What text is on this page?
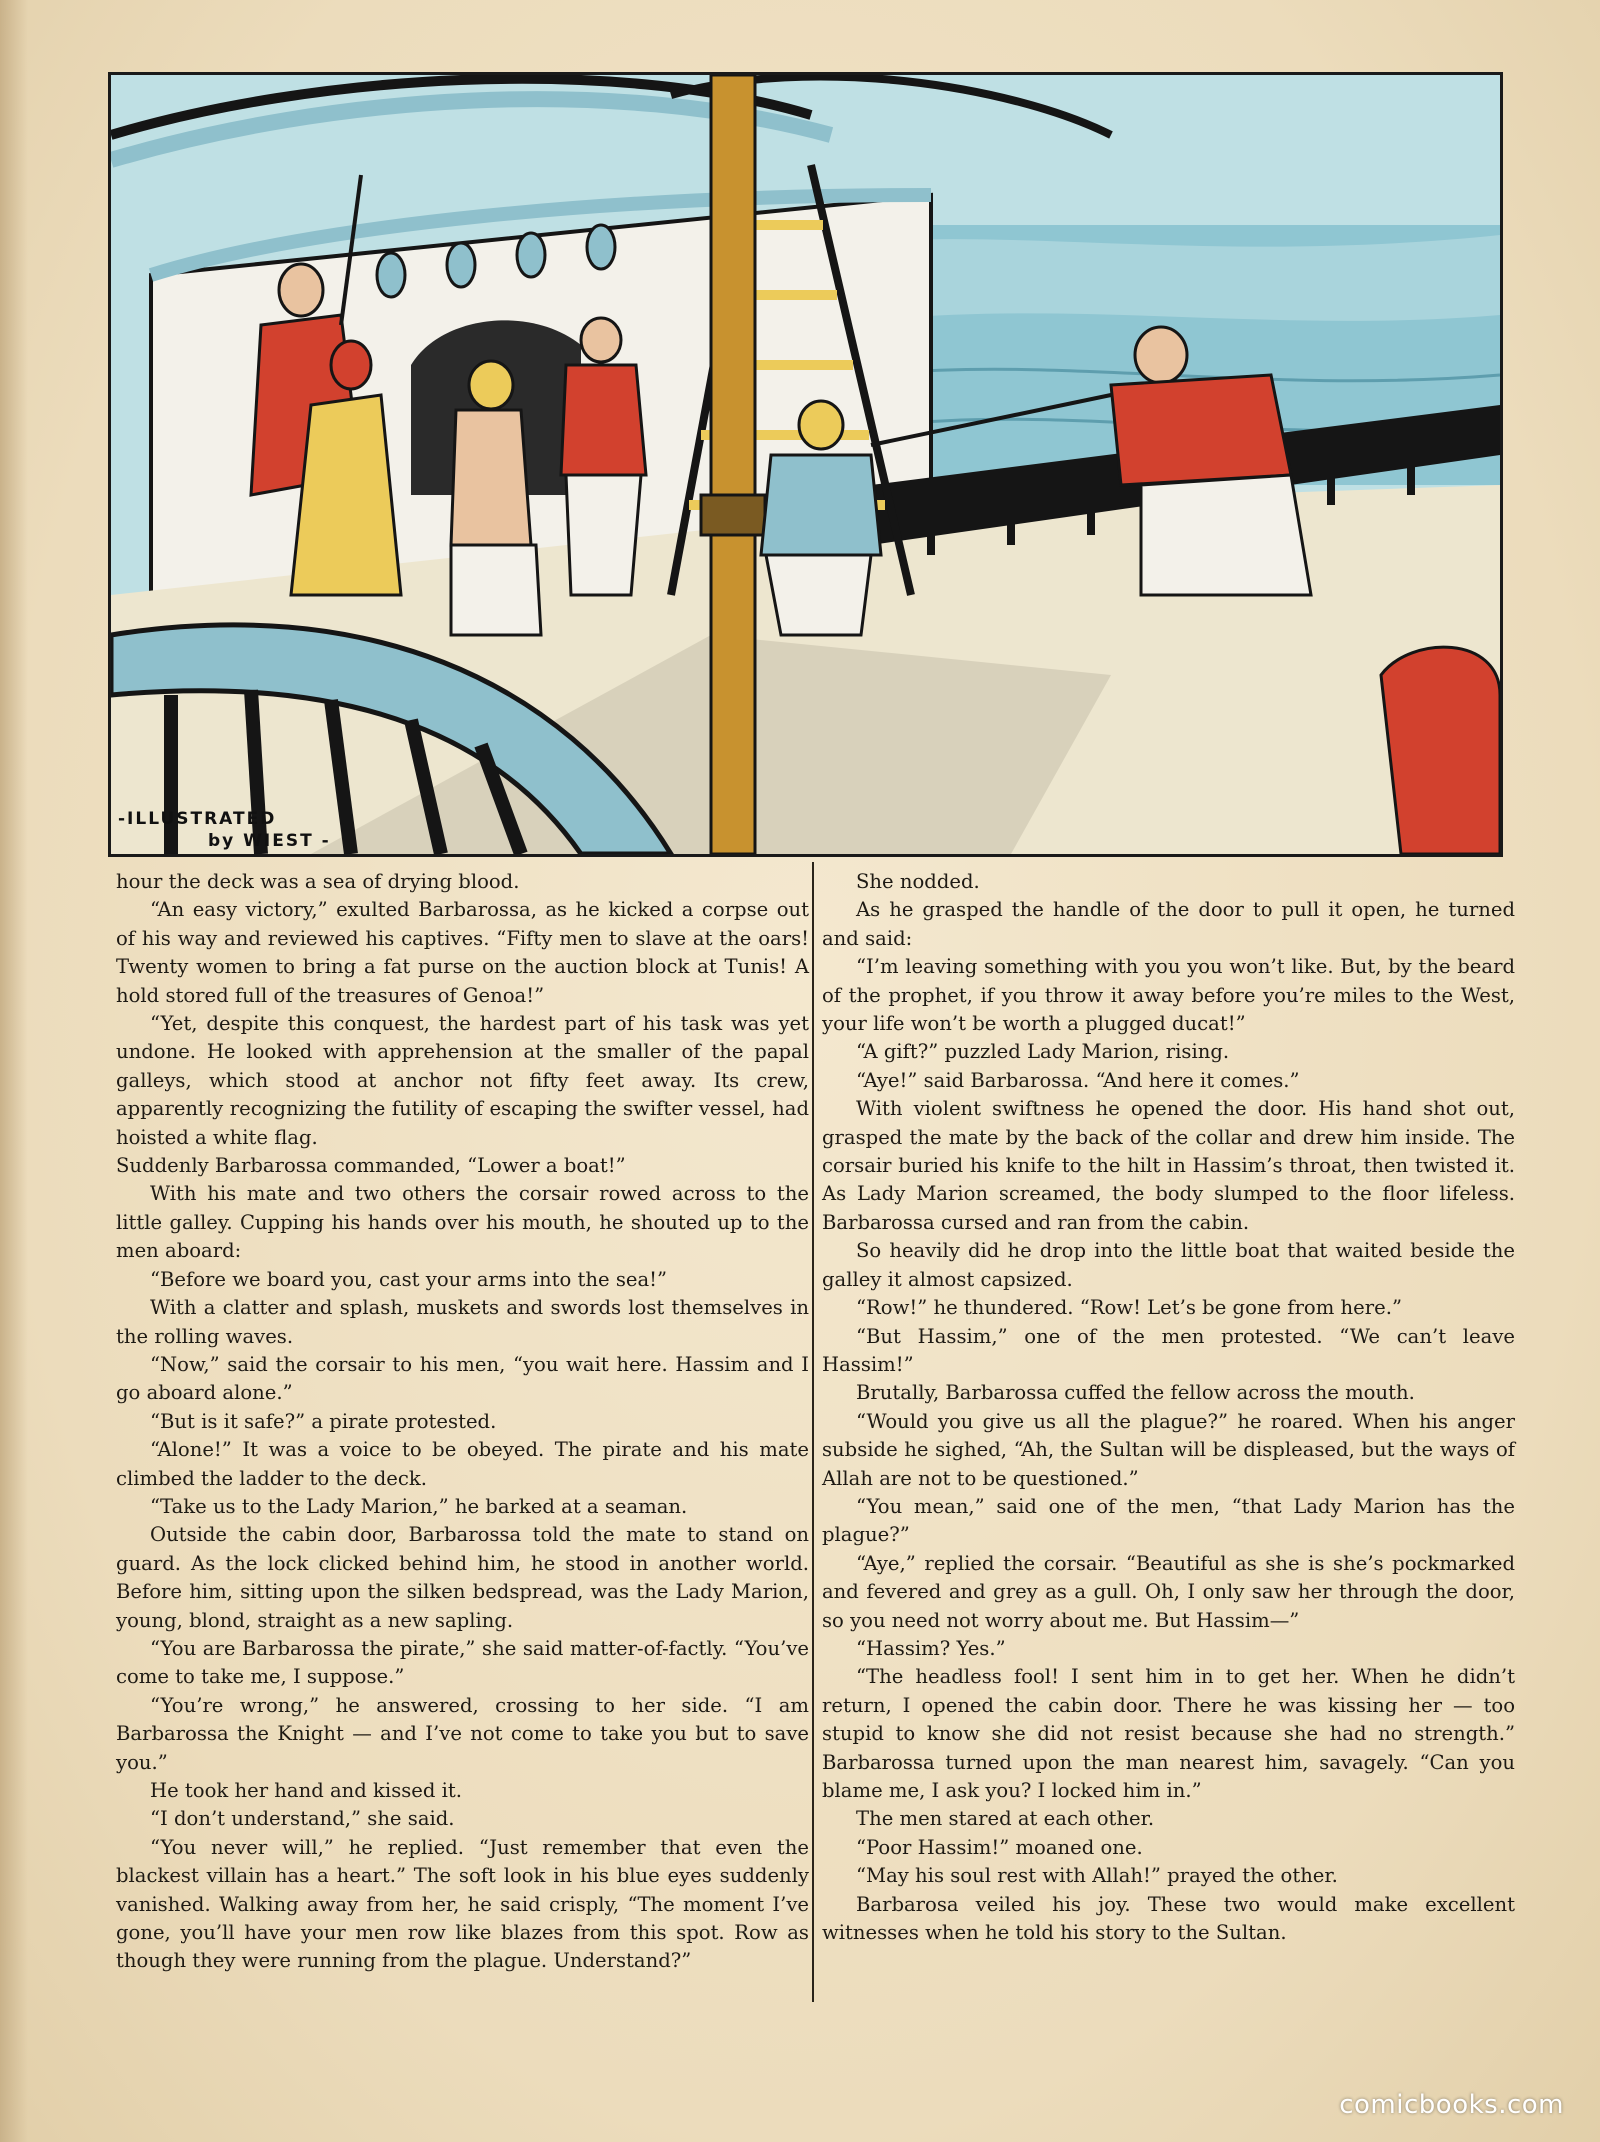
-ILLUSTRATED
by WIEST -

hour the deck was a sea of drying blood.

“An easy victory,” exulted Barbarossa, as he kicked a corpse out of his way and reviewed his captives. “Fifty men to slave at the oars! Twenty women to bring a fat purse on the auction block at Tunis! A hold stored full of the treasures of Genoa!”

“Yet, despite this conquest, the hardest part of his task was yet undone. He looked with apprehension at the smaller of the papal galleys, which stood at anchor not fifty feet away. Its crew, apparently recognizing the futility of escaping the swifter vessel, had hoisted a white flag.

Suddenly Barbarossa commanded, “Lower a boat!”

With his mate and two others the corsair rowed across to the little galley. Cupping his hands over his mouth, he shouted up to the men aboard:

“Before we board you, cast your arms into the sea!”

With a clatter and splash, muskets and swords lost themselves in the rolling waves.

“Now,” said the corsair to his men, “you wait here. Hassim and I go aboard alone.”

“But is it safe?” a pirate protested.

“Alone!” It was a voice to be obeyed. The pirate and his mate climbed the ladder to the deck.

“Take us to the Lady Marion,” he barked at a seaman.

Outside the cabin door, Barbarossa told the mate to stand on guard. As the lock clicked behind him, he stood in another world. Before him, sitting upon the silken bedspread, was the Lady Marion, young, blond, straight as a new sapling.

“You are Barbarossa the pirate,” she said matter-of-factly. “You’ve come to take me, I suppose.”

“You’re wrong,” he answered, crossing to her side. “I am Barbarossa the Knight — and I’ve not come to take you but to save you.”

He took her hand and kissed it.

“I don’t understand,” she said.

“You never will,” he replied. “Just remember that even the blackest villain has a heart.” The soft look in his blue eyes suddenly vanished. Walking away from her, he said crisply, “The moment I’ve gone, you’ll have your men row like blazes from this spot. Row as though they were running from the plague. Understand?”

She nodded.

As he grasped the handle of the door to pull it open, he turned and said:

“I’m leaving something with you you won’t like. But, by the beard of the prophet, if you throw it away before you’re miles to the West, your life won’t be worth a plugged ducat!”

“A gift?” puzzled Lady Marion, rising.

“Aye!” said Barbarossa. “And here it comes.”

With violent swiftness he opened the door. His hand shot out, grasped the mate by the back of the collar and drew him inside. The corsair buried his knife to the hilt in Hassim’s throat, then twisted it. As Lady Marion screamed, the body slumped to the floor lifeless. Barbarossa cursed and ran from the cabin.

So heavily did he drop into the little boat that waited beside the galley it almost capsized.

“Row!” he thundered. “Row! Let’s be gone from here.”

“But Hassim,” one of the men protested. “We can’t leave Hassim!”

Brutally, Barbarossa cuffed the fellow across the mouth.

“Would you give us all the plague?” he roared. When his anger subside he sighed, “Ah, the Sultan will be displeased, but the ways of Allah are not to be questioned.”

“You mean,” said one of the men, “that Lady Marion has the plague?”

“Aye,” replied the corsair. “Beautiful as she is she’s pockmarked and fevered and grey as a gull. Oh, I only saw her through the door, so you need not worry about me. But Hassim—”

“Hassim? Yes.”

“The headless fool! I sent him in to get her. When he didn’t return, I opened the cabin door. There he was kissing her — too stupid to know she did not resist because she had no strength.” Barbarossa turned upon the man nearest him, savagely. “Can you blame me, I ask you? I locked him in.”

The men stared at each other.

“Poor Hassim!” moaned one.

“May his soul rest with Allah!” prayed the other.

Barbarosa veiled his joy. These two would make excellent witnesses when he told his story to the Sultan.

comicbooks.com
